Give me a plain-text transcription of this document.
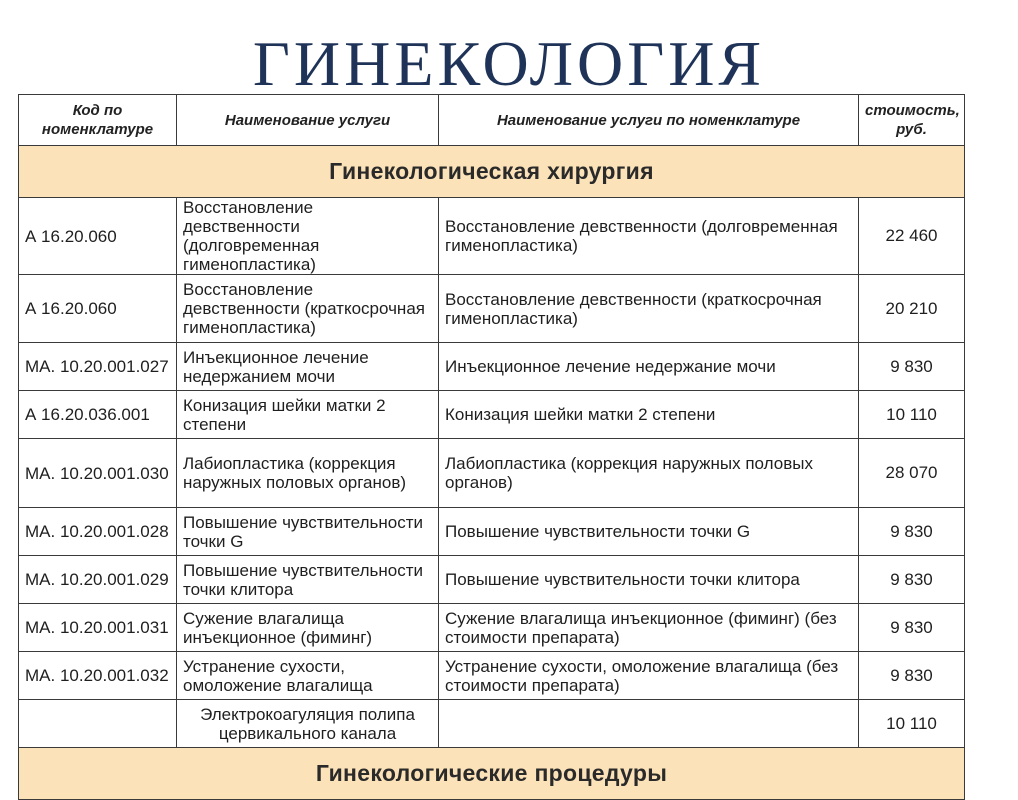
ГИНЕКОЛОГИЯ
Код по номенклатуре	Наименование услуги	Наименование услуги по номенклатуре	стоимость, руб.
Гинекологическая хирургия			
А 16.20.060	Восстановление девственности (долговременная гименопластика)	Восстановление девственности (долговременная гименопластика)	22 460
А 16.20.060	Восстановление девственности (краткосрочная гименопластика)	Восстановление девственности (краткосрочная гименопластика)	20 210
МА. 10.20.001.027	Инъекционное лечение недержанием мочи	Инъекционное лечение недержание мочи	9 830
А 16.20.036.001	Конизация шейки матки 2 степени	Конизация шейки матки 2 степени	10 110
МА. 10.20.001.030	Лабиопластика (коррекция наружных половых органов)	Лабиопластика (коррекция наружных половых органов)	28 070
МА. 10.20.001.028	Повышение чувствительности точки G	Повышение чувствительности точки G	9 830
МА. 10.20.001.029	Повышение чувствительности точки клитора	Повышение чувствительности точки клитора	9 830
МА. 10.20.001.031	Сужение влагалища инъекционное (фиминг)	Сужение влагалища инъекционное (фиминг) (без стоимости препарата)	9 830
МА. 10.20.001.032	Устранение сухости, омоложение влагалища	Устранение сухости, омоложение влагалища (без стоимости препарата)	9 830
	Электрокоагуляция полипа цервикального канала		10 110
Гинекологические процедуры			
